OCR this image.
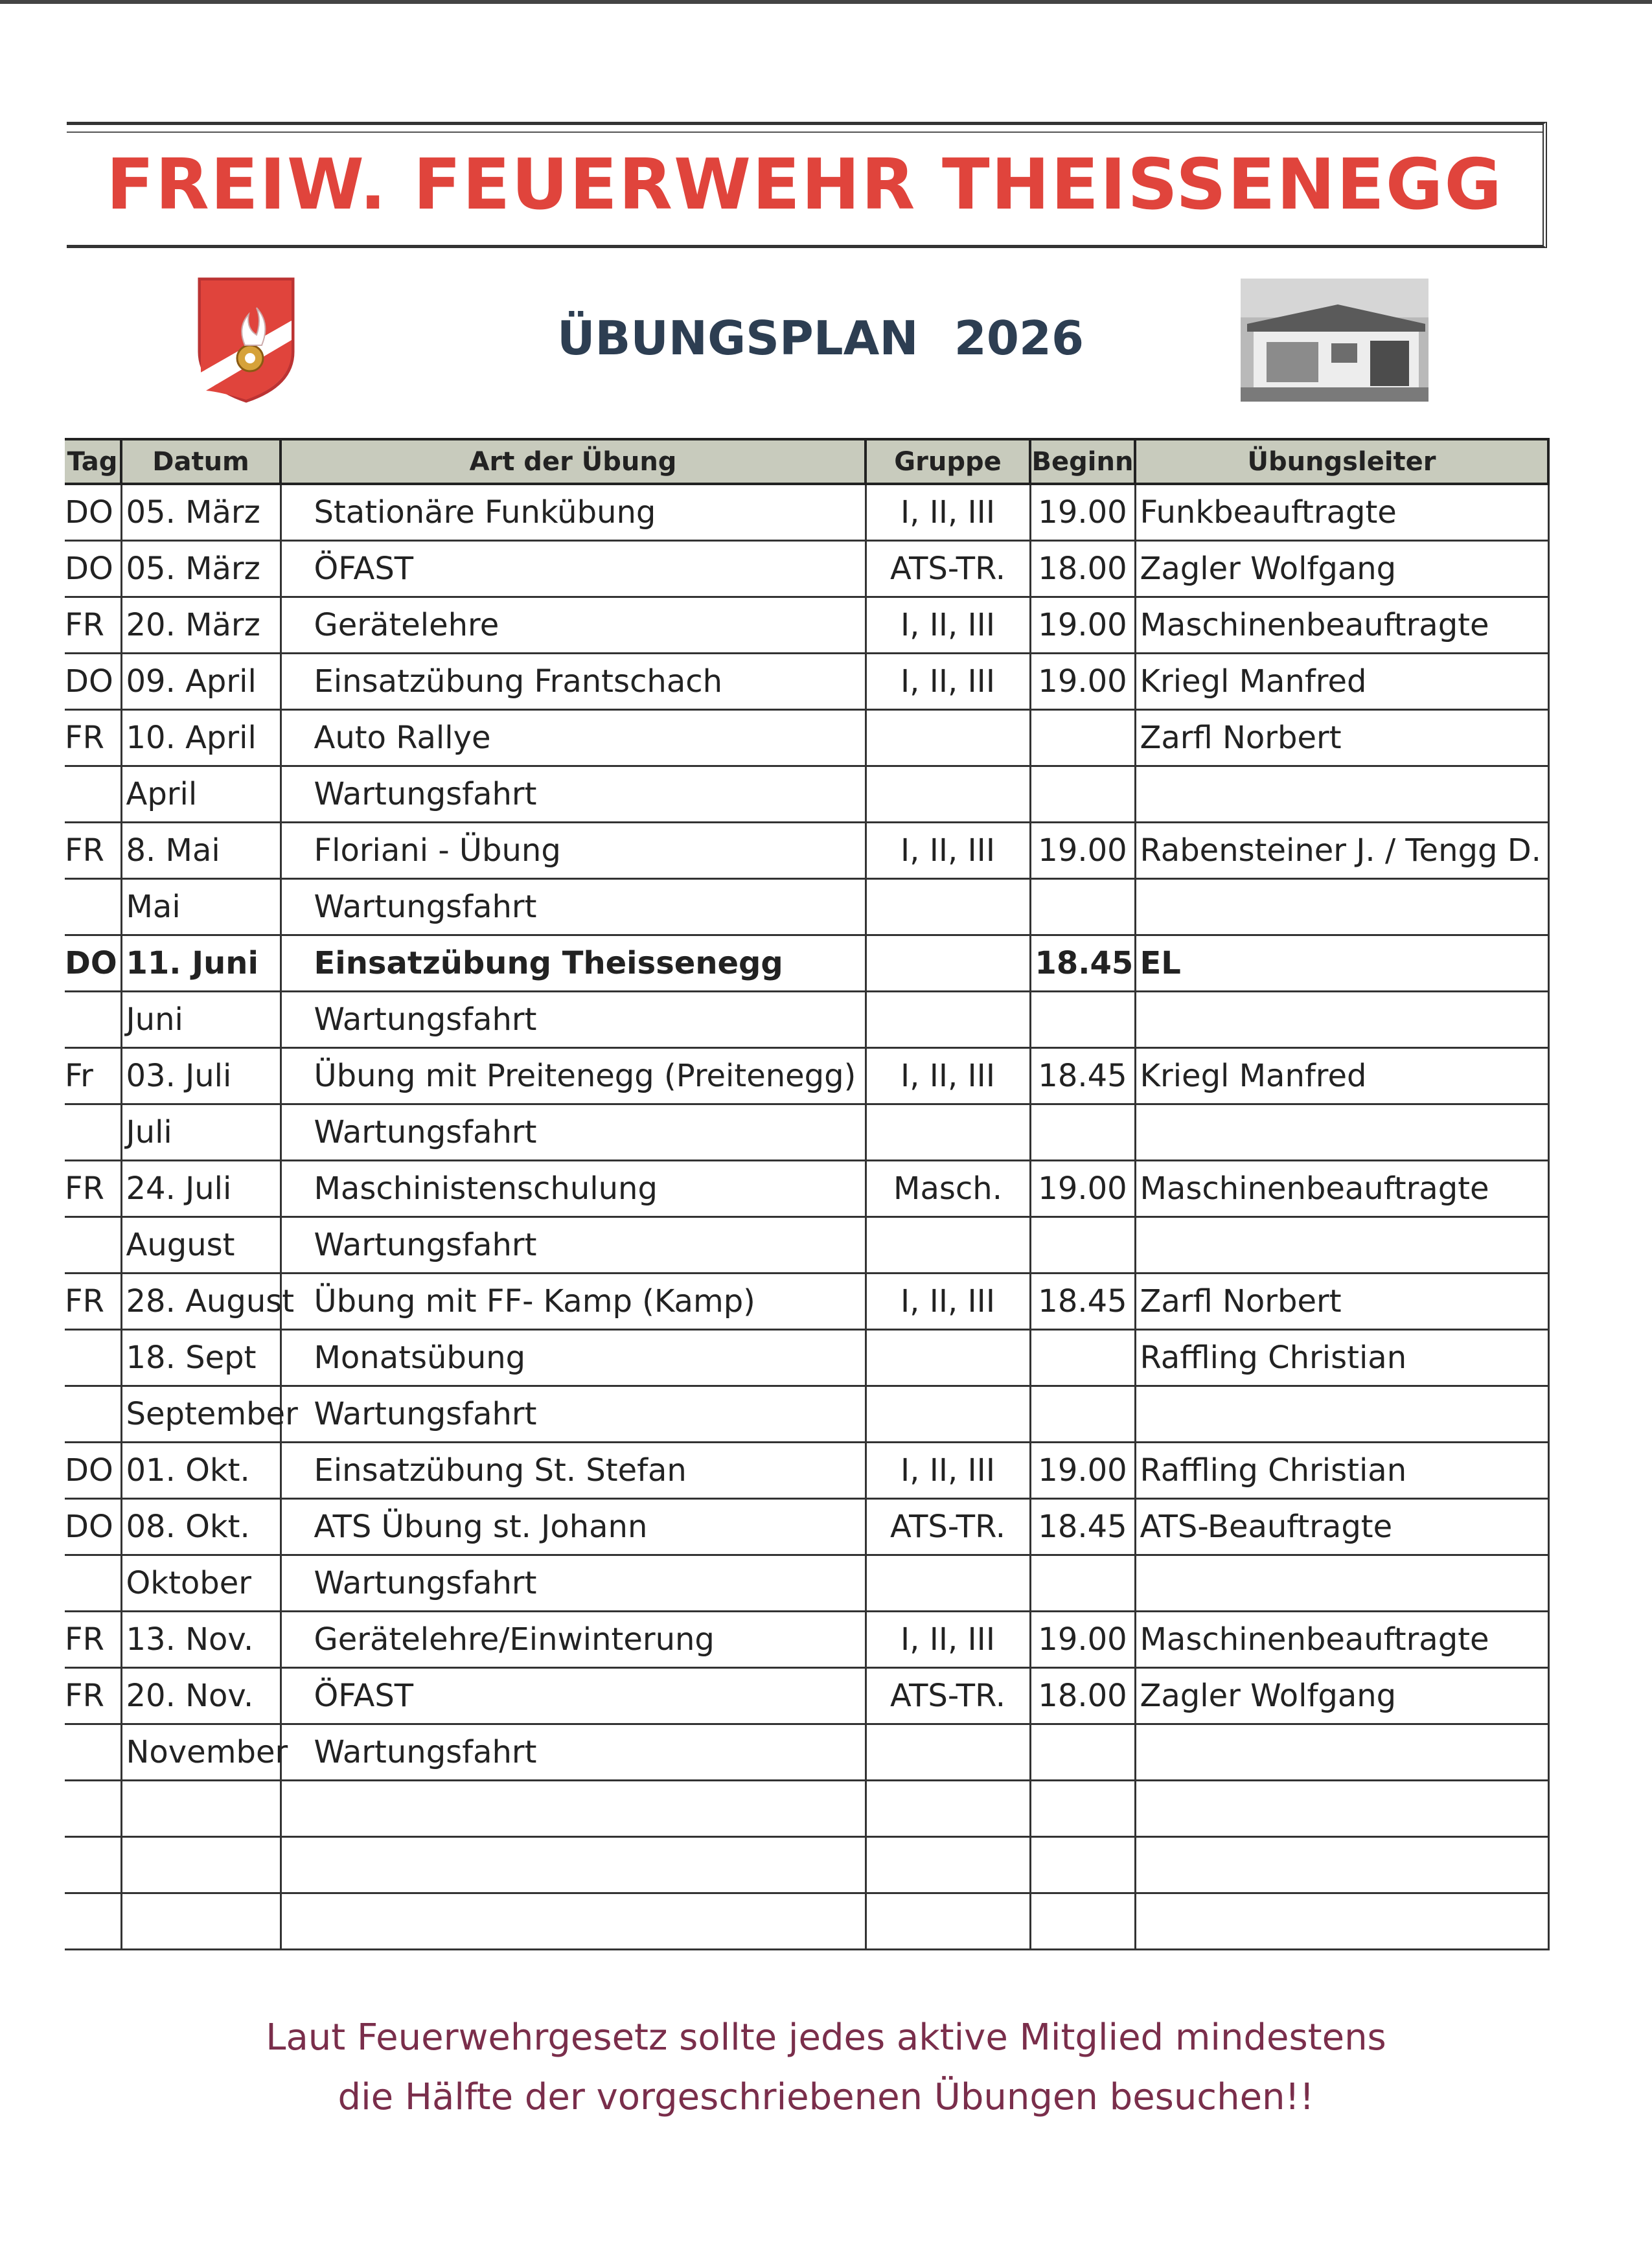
FREIW. FEUERWEHR THEISSENEGG
ÜBUNGSPLAN 2026
Tag	Datum	Art der Übung	Gruppe	Beginn	Übungsleiter
DO	05. März	Stationäre Funkübung	I, II, III	19.00	Funkbeauftragte
DO	05. März	ÖFAST	ATS-TR.	18.00	Zagler Wolfgang
FR	20. März	Gerätelehre	I, II, III	19.00	Maschinenbeauftragte
DO	09. April	Einsatzübung Frantschach	I, II, III	19.00	Kriegl Manfred
FR	10. April	Auto Rallye			Zarfl Norbert
	April	Wartungsfahrt			
FR	8. Mai	Floriani - Übung	I, II, III	19.00	Rabensteiner J. / Tengg D.
	Mai	Wartungsfahrt			
DO	11. Juni	Einsatzübung Theissenegg		18.45	EL
	Juni	Wartungsfahrt			
Fr	03. Juli	Übung mit Preitenegg (Preitenegg)	I, II, III	18.45	Kriegl Manfred
	Juli	Wartungsfahrt			
FR	24. Juli	Maschinistenschulung	Masch.	19.00	Maschinenbeauftragte
	August	Wartungsfahrt			
FR	28. August	Übung mit FF- Kamp (Kamp)	I, II, III	18.45	Zarfl Norbert
	18. Sept	Monatsübung			Raffling Christian
	September	Wartungsfahrt			
DO	01. Okt.	Einsatzübung St. Stefan	I, II, III	19.00	Raffling Christian
DO	08. Okt.	ATS Übung st. Johann	ATS-TR.	18.45	ATS-Beauftragte
	Oktober	Wartungsfahrt			
FR	13. Nov.	Gerätelehre/Einwinterung	I, II, III	19.00	Maschinenbeauftragte
FR	20. Nov.	ÖFAST	ATS-TR.	18.00	Zagler Wolfgang
	November	Wartungsfahrt			

Laut Feuerwehrgesetz sollte jedes aktive Mitglied mindestens
die Hälfte der vorgeschriebenen Übungen besuchen!!
